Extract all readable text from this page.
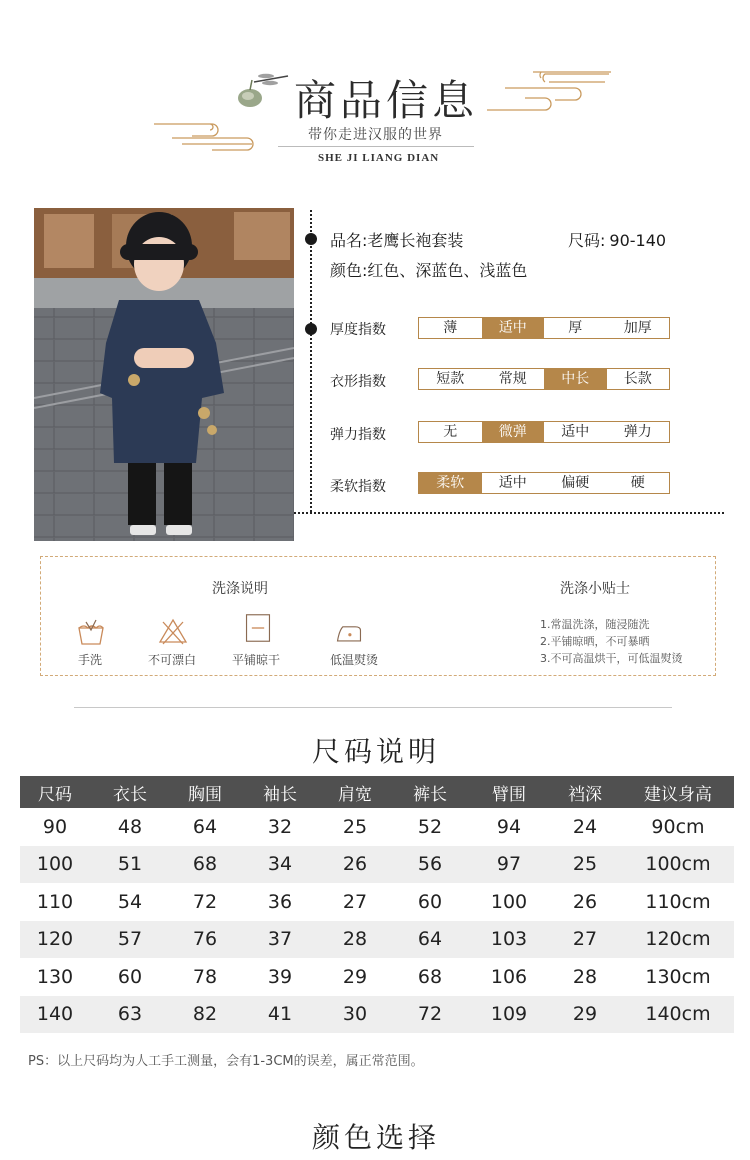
商品信息
带你走进汉服的世界
SHE JI LIANG DIAN
品名:老鹰长袍套装	尺码: 90-140
颜色:红色、深蓝色、浅蓝色
厚度指数	薄	适中	厚	加厚
衣形指数	短款	常规	中长	长款
弹力指数	无	微弹	适中	弹力
柔软指数	柔软	适中	偏硬	硬
洗涤说明	洗涤小贴士
手洗	不可漂白	平铺晾干	低温熨烫
1.常温洗涤，随浸随洗
2.平铺晾晒，不可暴晒
3.不可高温烘干，可低温熨烫
尺码说明
尺码	衣长	胸围	袖长	肩宽	裤长	臂围	裆深	建议身高
90	48	64	32	25	52	94	24	90cm
100	51	68	34	26	56	97	25	100cm
110	54	72	36	27	60	100	26	110cm
120	57	76	37	28	64	103	27	120cm
130	60	78	39	29	68	106	28	130cm
140	63	82	41	30	72	109	29	140cm
PS：以上尺码均为人工手工测量，会有1-3CM的误差，属正常范围。
颜色选择
